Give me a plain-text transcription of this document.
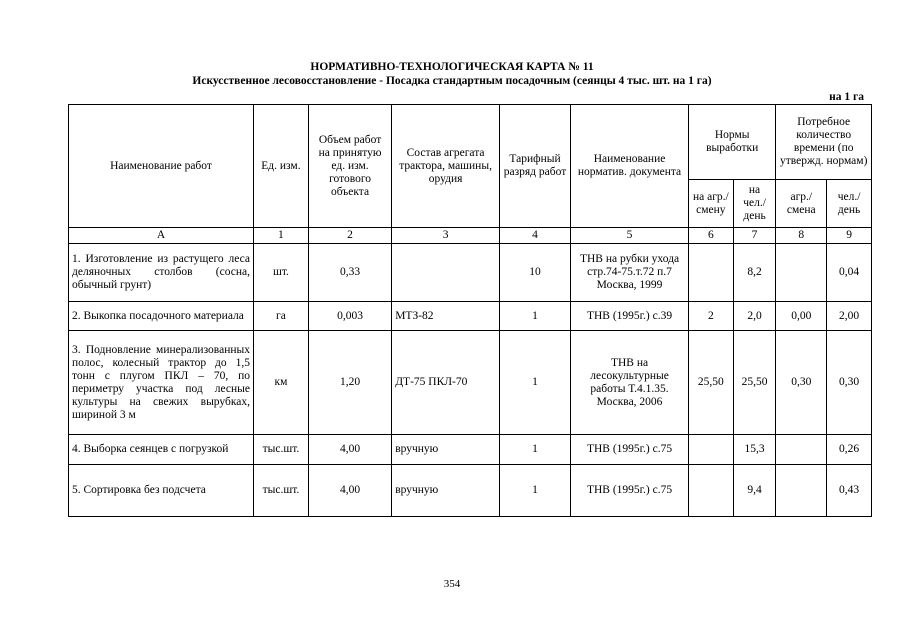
НОРМАТИВНО-ТЕХНОЛОГИЧЕСКАЯ КАРТА № 11
Искусственное лесовосстановление - Посадка стандартным посадочным (сеянцы 4 тыс. шт. на 1 га)
на 1 га
Наименование работ	Ед. изм.	Объем работ на принятую ед. изм. готового объекта	Состав агрегата трактора, машины, орудия	Тарифный разряд работ	Наименование норматив. документа	Нормы выработки		Потребное количество времени (по утвержд. нормам)	
						на агр./ смену	на чел./ день	агр./ смена	чел./ день
А	1	2	3	4	5	6	7	8	9
1. Изготовление из растущего леса деляночных столбов (сосна, обычный грунт)	шт.	0,33		10	ТНВ на рубки ухода стр.74-75.т.72 п.7 Москва, 1999		8,2		0,04
2. Выкопка посадочного материала	га	0,003	МТЗ-82	1	ТНВ (1995г.) с.39	2	2,0	0,00	2,00
3. Подновление минерализованных полос, колесный трактор до 1,5 тонн с плугом ПКЛ – 70, по периметру участка под лесные культуры на свежих вырубках, шириной 3 м	км	1,20	ДТ-75 ПКЛ-70	1	ТНВ на лесокультурные работы Т.4.1.35. Москва, 2006	25,50	25,50	0,30	0,30
4. Выборка сеянцев с погрузкой	тыс.шт.	4,00	вручную	1	ТНВ (1995г.) с.75		15,3		0,26
5. Сортировка без подсчета	тыс.шт.	4,00	вручную	1	ТНВ (1995г.) с.75		9,4		0,43
354
